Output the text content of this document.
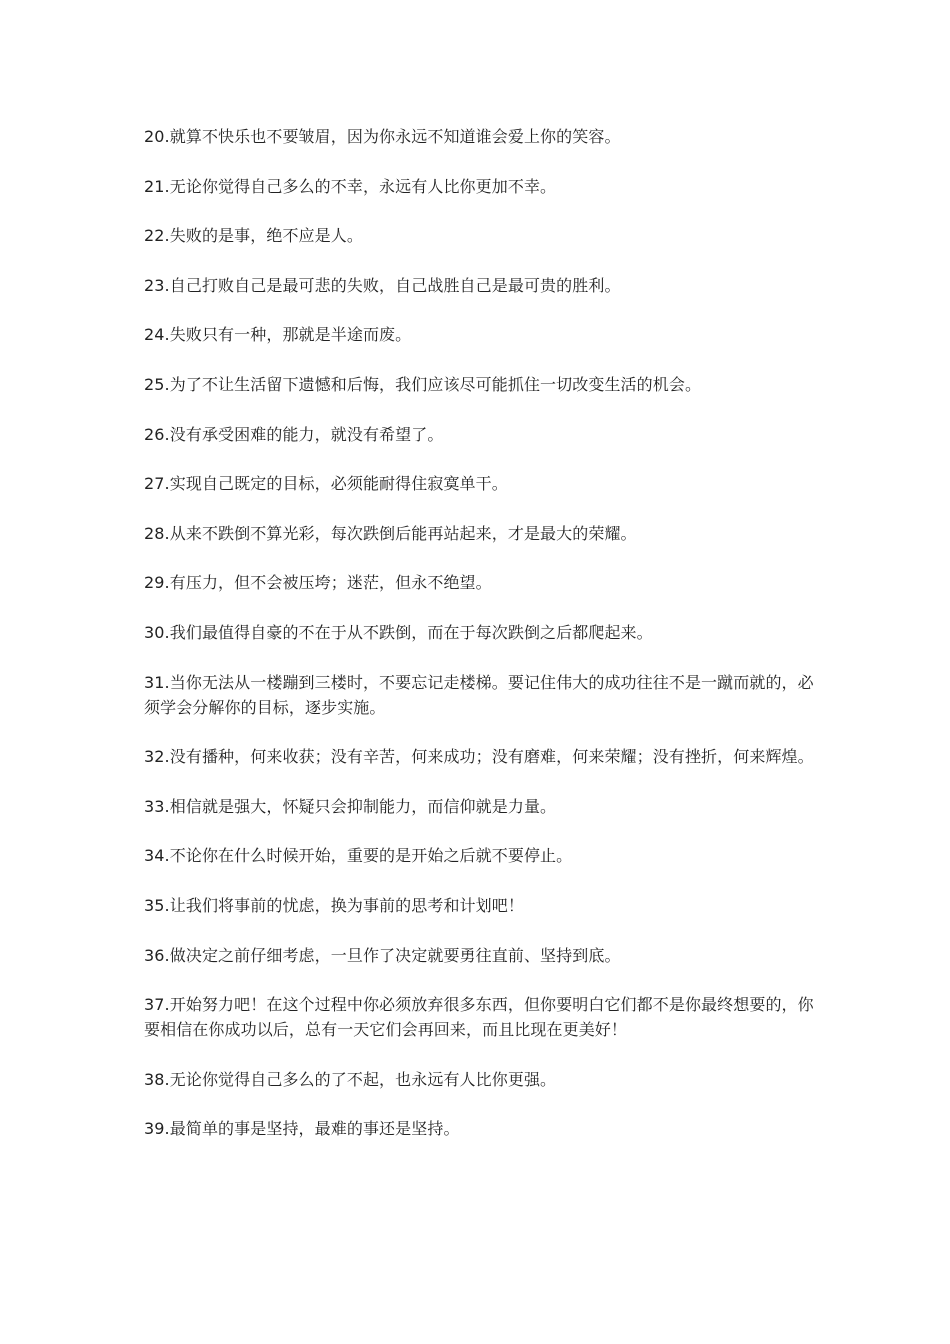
20.就算不快乐也不要皱眉，因为你永远不知道谁会爱上你的笑容。

21.无论你觉得自己多么的不幸，永远有人比你更加不幸。

22.失败的是事，绝不应是人。

23.自己打败自己是最可悲的失败，自己战胜自己是最可贵的胜利。

24.失败只有一种，那就是半途而废。

25.为了不让生活留下遗憾和后悔，我们应该尽可能抓住一切改变生活的机会。

26.没有承受困难的能力，就没有希望了。

27.实现自己既定的目标，必须能耐得住寂寞单干。

28.从来不跌倒不算光彩，每次跌倒后能再站起来，才是最大的荣耀。

29.有压力，但不会被压垮；迷茫，但永不绝望。

30.我们最值得自豪的不在于从不跌倒，而在于每次跌倒之后都爬起来。

31.当你无法从一楼蹦到三楼时，不要忘记走楼梯。要记住伟大的成功往往不是一蹴而就的，必须学会分解你的目标，逐步实施。

32.没有播种，何来收获；没有辛苦，何来成功；没有磨难，何来荣耀；没有挫折，何来辉煌。

33.相信就是强大，怀疑只会抑制能力，而信仰就是力量。

34.不论你在什么时候开始，重要的是开始之后就不要停止。

35.让我们将事前的忧虑，换为事前的思考和计划吧！

36.做决定之前仔细考虑，一旦作了决定就要勇往直前、坚持到底。

37.开始努力吧！在这个过程中你必须放弃很多东西，但你要明白它们都不是你最终想要的，你要相信在你成功以后，总有一天它们会再回来，而且比现在更美好！

38.无论你觉得自己多么的了不起，也永远有人比你更强。

39.最简单的事是坚持，最难的事还是坚持。
